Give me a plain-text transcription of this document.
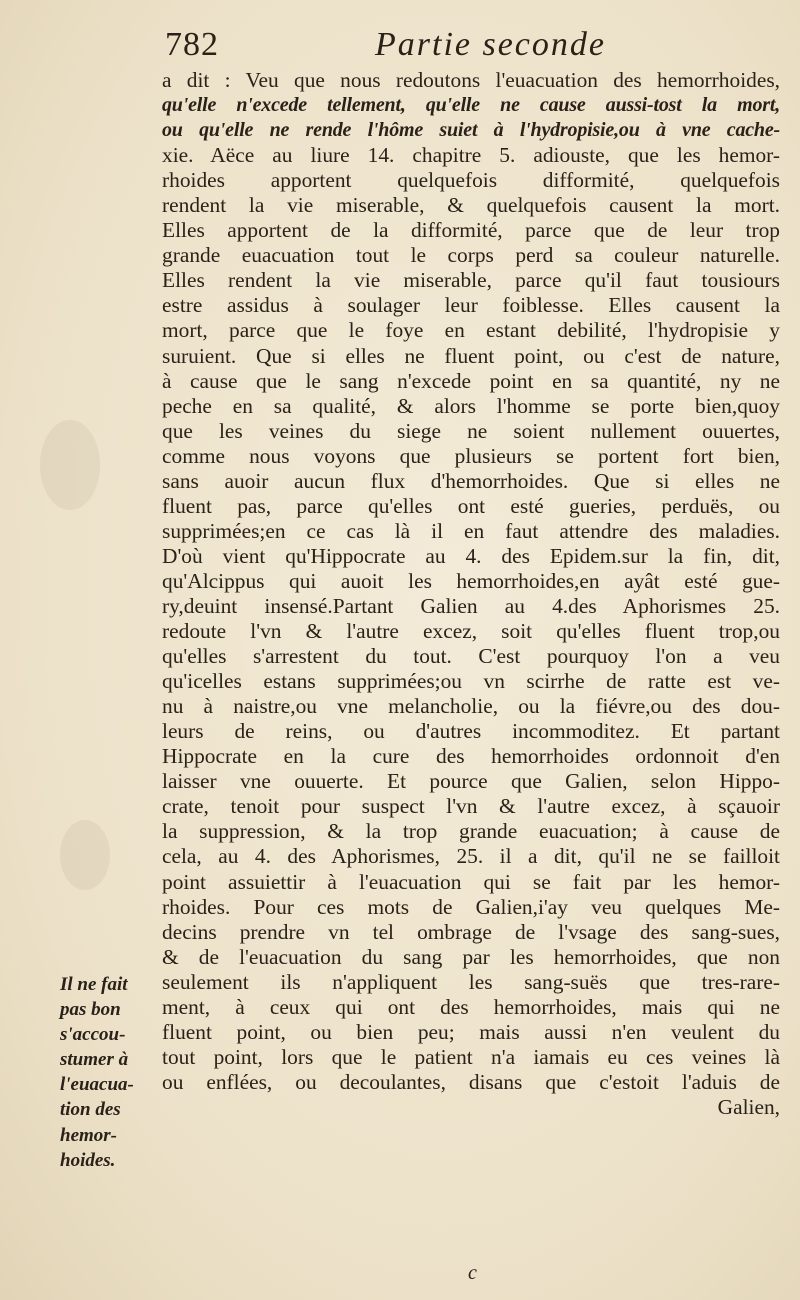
782	Partie seconde
a dit : Veu que nous redoutons l'euacuation des hemorrhoides,
qu'elle n'excede tellement, qu'elle ne cause aussi-tost la mort,
ou qu'elle ne rende l'hôme suiet à l'hydropisie,ou à vne cache-
xie. Aëce au liure 14. chapitre 5. adiouste, que les hemor-
rhoides apportent quelquefois difformité, quelquefois
rendent la vie miserable, & quelquefois causent la mort.
Elles apportent de la difformité, parce que de leur trop
grande euacuation tout le corps perd sa couleur naturelle.
Elles rendent la vie miserable, parce qu'il faut tousiours
estre assidus à soulager leur foiblesse. Elles causent la
mort, parce que le foye en estant debilité, l'hydropisie y
suruient. Que si elles ne fluent point, ou c'est de nature,
à cause que le sang n'excede point en sa quantité, ny ne
peche en sa qualité, & alors l'homme se porte bien,quoy
que les veines du siege ne soient nullement ouuertes,
comme nous voyons que plusieurs se portent fort bien,
sans auoir aucun flux d'hemorrhoides. Que si elles ne
fluent pas, parce qu'elles ont esté gueries, perduës, ou
supprimées;en ce cas là il en faut attendre des maladies.
D'où vient qu'Hippocrate au 4. des Epidem.sur la fin, dit,
qu'Alcippus qui auoit les hemorrhoides,en ayât esté gue-
ry,deuint insensé.Partant Galien au 4.des Aphorismes 25.
redoute l'vn & l'autre excez, soit qu'elles fluent trop,ou
qu'elles s'arrestent du tout. C'est pourquoy l'on a veu
qu'icelles estans supprimées;ou vn scirrhe de ratte est ve-
nu à naistre,ou vne melancholie, ou la fiévre,ou des dou-
leurs de reins, ou d'autres incommoditez. Et partant
Hippocrate en la cure des hemorrhoides ordonnoit d'en
laisser vne ouuerte. Et pource que Galien, selon Hippo-
crate, tenoit pour suspect l'vn & l'autre excez, à sçauoir
la suppression, & la trop grande euacuation; à cause de
cela, au 4. des Aphorismes, 25. il a dit, qu'il ne se failloit
point assuiettir à l'euacuation qui se fait par les hemor-
rhoides. Pour ces mots de Galien,i'ay veu quelques Me-
decins prendre vn tel ombrage de l'vsage des sang-sues,
& de l'euacuation du sang par les hemorrhoides, que non
seulement ils n'appliquent les sang-suës que tres-rare-
ment, à ceux qui ont des hemorrhoides, mais qui ne
fluent point, ou bien peu; mais aussi n'en veulent du
tout point, lors que le patient n'a iamais eu ces veines là
ou enflées, ou decoulantes, disans que c'estoit l'aduis de
Galien,
Il ne fait
pas bon
s'accou-
stumer à
l'euacua-
tion des
hemor-
hoides.
c
